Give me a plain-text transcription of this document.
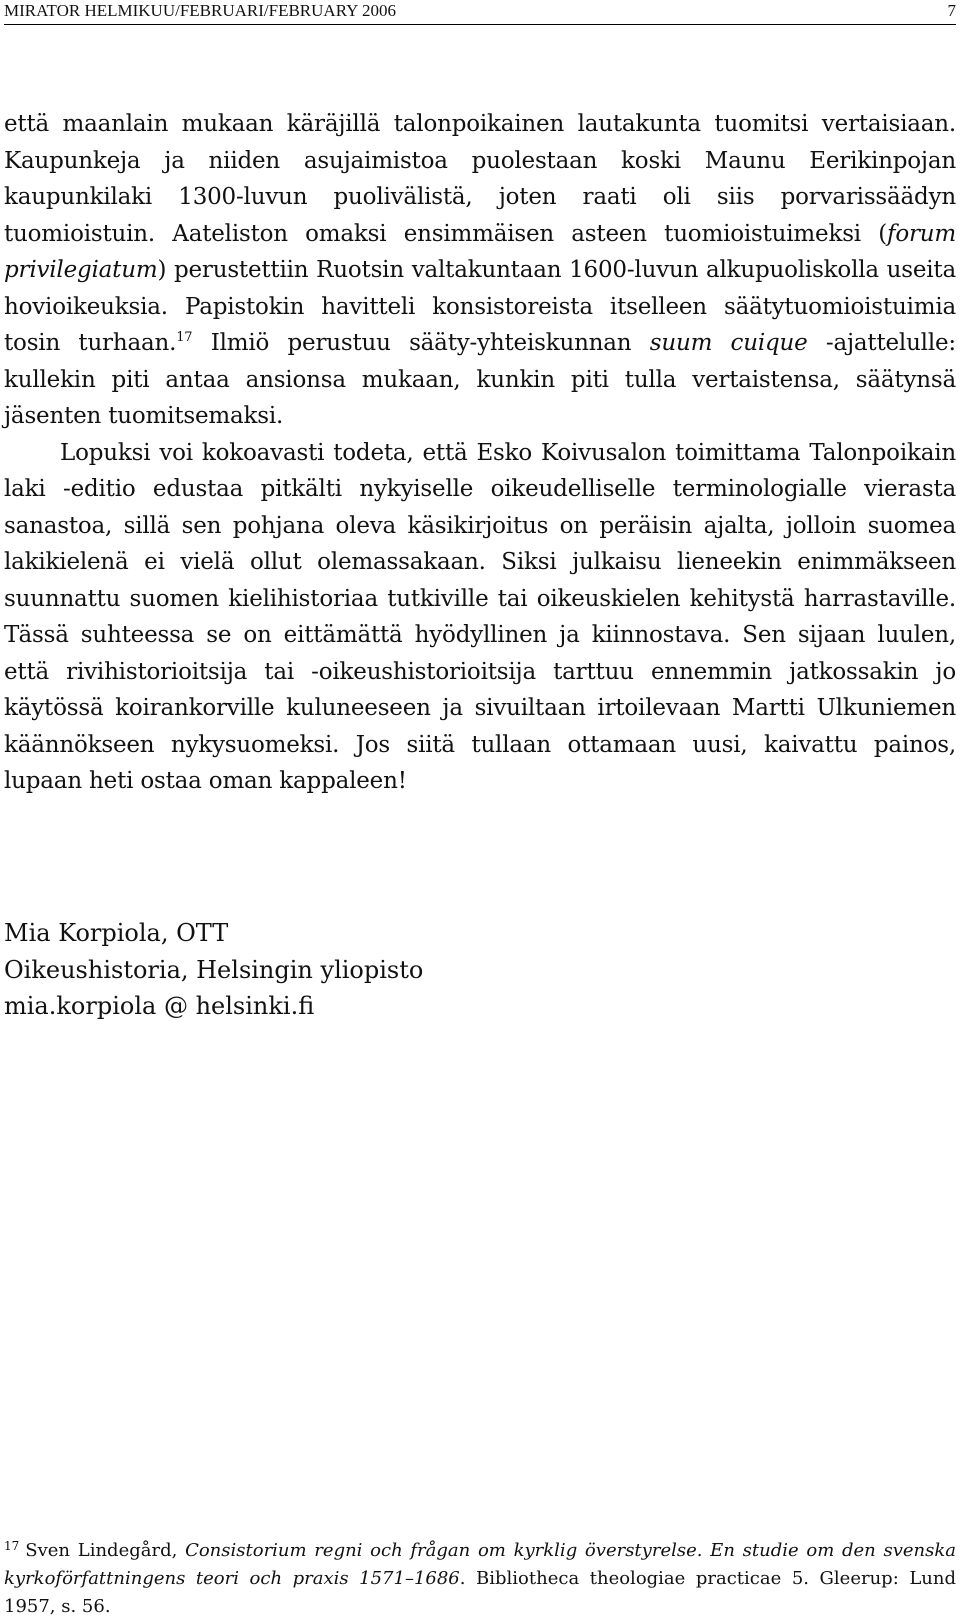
MIRATOR HELMIKUU/FEBRUARI/FEBRUARY 2006	7

että maanlain mukaan käräjillä talonpoikainen lautakunta tuomitsi vertaisiaan. Kaupunkeja ja niiden asujaimistoa puolestaan koski Maunu Eerikinpojan kaupunkilaki 1300-luvun puolivälistä, joten raati oli siis porvarissäädyn tuomioistuin. Aateliston omaksi ensimmäisen asteen tuomioistuimeksi (forum privilegiatum) perustettiin Ruotsin valtakuntaan 1600-luvun alkupuoliskolla useita hovioikeuksia. Papistokin havitteli konsistoreista itselleen säätytuomioistuimia tosin turhaan.$^{17}$ Ilmiö perustuu sääty-yhteiskunnan suum cuique -ajattelulle: kullekin piti antaa ansionsa mukaan, kunkin piti tulla vertaistensa, säätynsä jäsenten tuomitsemaksi.

Lopuksi voi kokoavasti todeta, että Esko Koivusalon toimittama Talonpoikain laki -editio edustaa pitkälti nykyiselle oikeudelliselle terminologialle vierasta sanastoa, sillä sen pohjana oleva käsikirjoitus on peräisin ajalta, jolloin suomea lakikielenä ei vielä ollut olemassakaan. Siksi julkaisu lieneekin enimmäkseen suunnattu suomen kielihistoriaa tutkiville tai oikeuskielen kehitystä harrastaville. Tässä suhteessa se on eittämättä hyödyllinen ja kiinnostava. Sen sijaan luulen, että rivihistorioitsija tai -oikeushistorioitsija tarttuu ennemmin jatkossakin jo käytössä koirankorville kuluneeseen ja sivuiltaan irtoilevaan Martti Ulkuniemen käännökseen nykysuomeksi. Jos siitä tullaan ottamaan uusi, kaivattu painos, lupaan heti ostaa oman kappaleen!

Mia Korpiola, OTT
Oikeushistoria, Helsingin yliopisto
mia.korpiola @ helsinki.fi
$^{17}$ Sven Lindegård, Consistorium regni och frågan om kyrklig överstyrelse. En studie om den svenska kyrkoförfattningens teori och praxis 1571–1686. Bibliotheca theologiae practicae 5. Gleerup: Lund 1957, s. 56.
